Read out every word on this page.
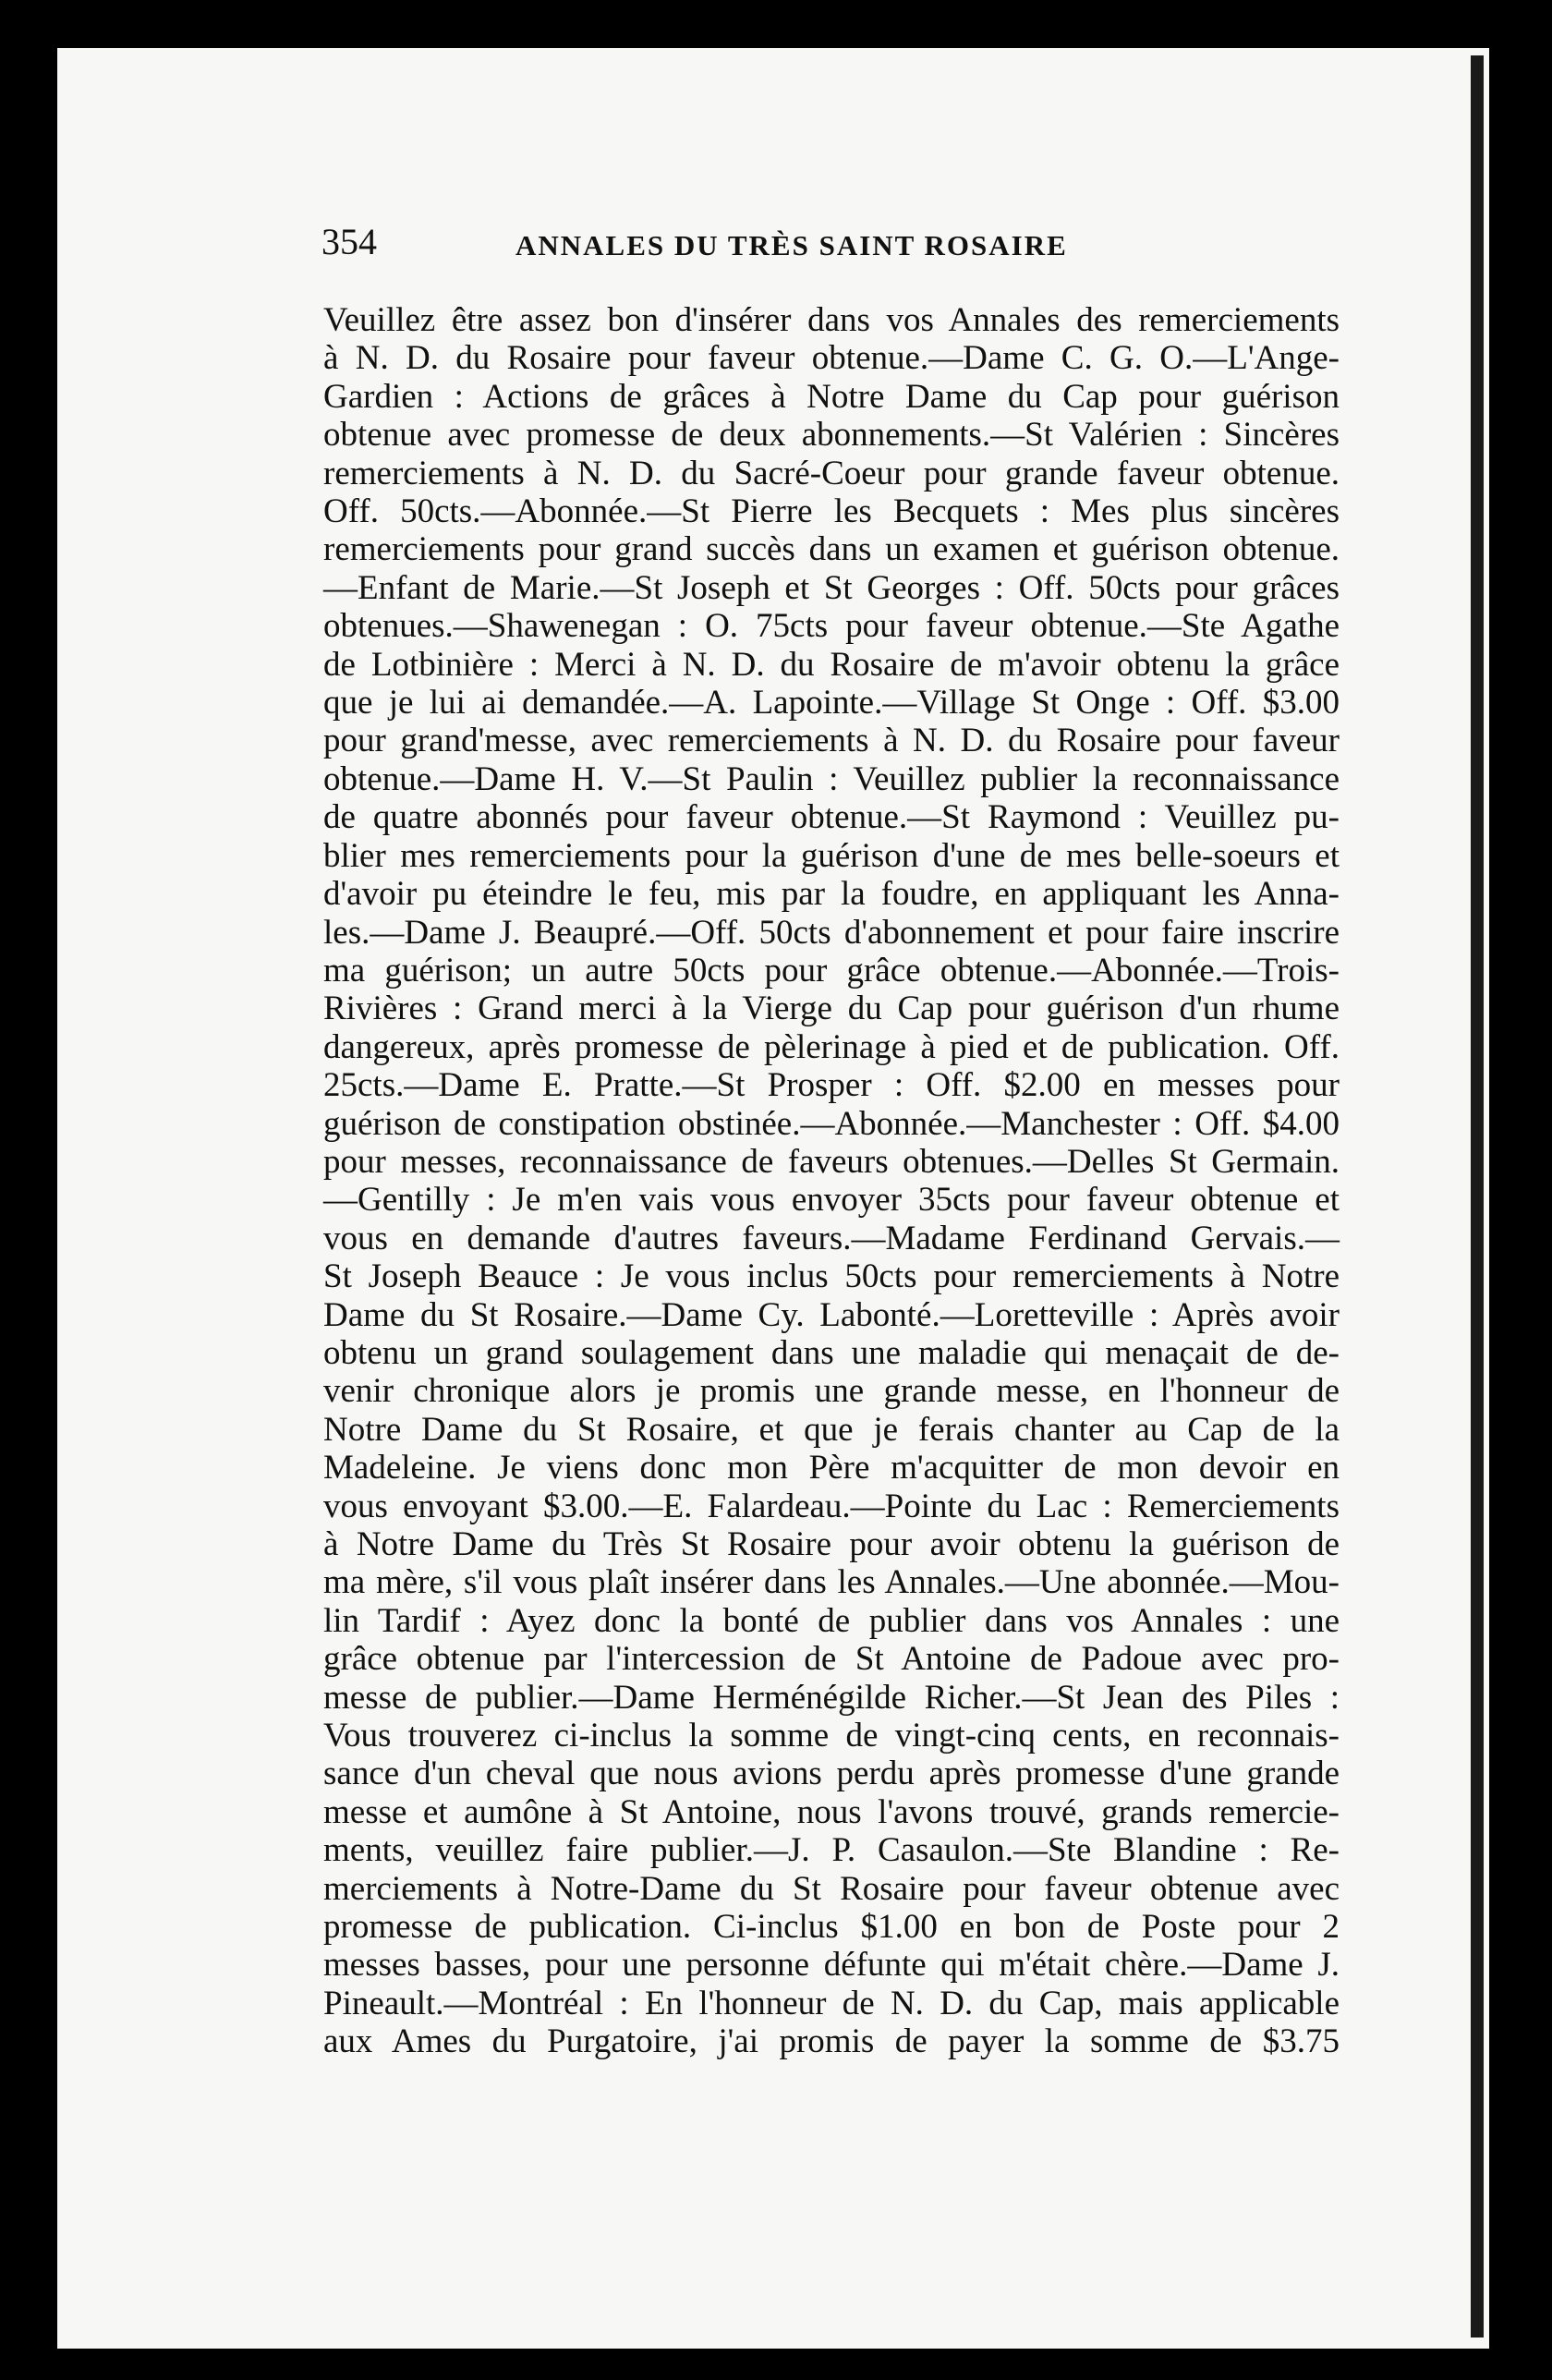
354	ANNALES DU TRÈS SAINT ROSAIRE
Veuillez être assez bon d'insérer dans vos Annales des remerciements
à N. D. du Rosaire pour faveur obtenue.—Dame C. G. O.—L'Ange-
Gardien : Actions de grâces à Notre Dame du Cap pour guérison
obtenue avec promesse de deux abonnements.—St Valérien : Sincères
remerciements à N. D. du Sacré-Coeur pour grande faveur obtenue.
Off. 50cts.—Abonnée.—St Pierre les Becquets : Mes plus sincères
remerciements pour grand succès dans un examen et guérison obtenue.
—Enfant de Marie.—St Joseph et St Georges : Off. 50cts pour grâces
obtenues.—Shawenegan : O. 75cts pour faveur obtenue.—Ste Agathe
de Lotbinière : Merci à N. D. du Rosaire de m'avoir obtenu la grâce
que je lui ai demandée.—A. Lapointe.—Village St Onge : Off. $3.00
pour grand'messe, avec remerciements à N. D. du Rosaire pour faveur
obtenue.—Dame H. V.—St Paulin : Veuillez publier la reconnaissance
de quatre abonnés pour faveur obtenue.—St Raymond : Veuillez pu-
blier mes remerciements pour la guérison d'une de mes belle-soeurs et
d'avoir pu éteindre le feu, mis par la foudre, en appliquant les Anna-
les.—Dame J. Beaupré.—Off. 50cts d'abonnement et pour faire inscrire
ma guérison; un autre 50cts pour grâce obtenue.—Abonnée.—Trois-
Rivières : Grand merci à la Vierge du Cap pour guérison d'un rhume
dangereux, après promesse de pèlerinage à pied et de publication. Off.
25cts.—Dame E. Pratte.—St Prosper : Off. $2.00 en messes pour
guérison de constipation obstinée.—Abonnée.—Manchester : Off. $4.00
pour messes, reconnaissance de faveurs obtenues.—Delles St Germain.
—Gentilly : Je m'en vais vous envoyer 35cts pour faveur obtenue et
vous en demande d'autres faveurs.—Madame Ferdinand Gervais.—
St Joseph Beauce : Je vous inclus 50cts pour remerciements à Notre
Dame du St Rosaire.—Dame Cy. Labonté.—Loretteville : Après avoir
obtenu un grand soulagement dans une maladie qui menaçait de de-
venir chronique alors je promis une grande messe, en l'honneur de
Notre Dame du St Rosaire, et que je ferais chanter au Cap de la
Madeleine. Je viens donc mon Père m'acquitter de mon devoir en
vous envoyant $3.00.—E. Falardeau.—Pointe du Lac : Remerciements
à Notre Dame du Très St Rosaire pour avoir obtenu la guérison de
ma mère, s'il vous plaît insérer dans les Annales.—Une abonnée.—Mou-
lin Tardif : Ayez donc la bonté de publier dans vos Annales : une
grâce obtenue par l'intercession de St Antoine de Padoue avec pro-
messe de publier.—Dame Herménégilde Richer.—St Jean des Piles :
Vous trouverez ci-inclus la somme de vingt-cinq cents, en reconnais-
sance d'un cheval que nous avions perdu après promesse d'une grande
messe et aumône à St Antoine, nous l'avons trouvé, grands remercie-
ments, veuillez faire publier.—J. P. Casaulon.—Ste Blandine : Re-
merciements à Notre-Dame du St Rosaire pour faveur obtenue avec
promesse de publication. Ci-inclus $1.00 en bon de Poste pour 2
messes basses, pour une personne défunte qui m'était chère.—Dame J.
Pineault.—Montréal : En l'honneur de N. D. du Cap, mais applicable
aux Ames du Purgatoire, j'ai promis de payer la somme de $3.75
